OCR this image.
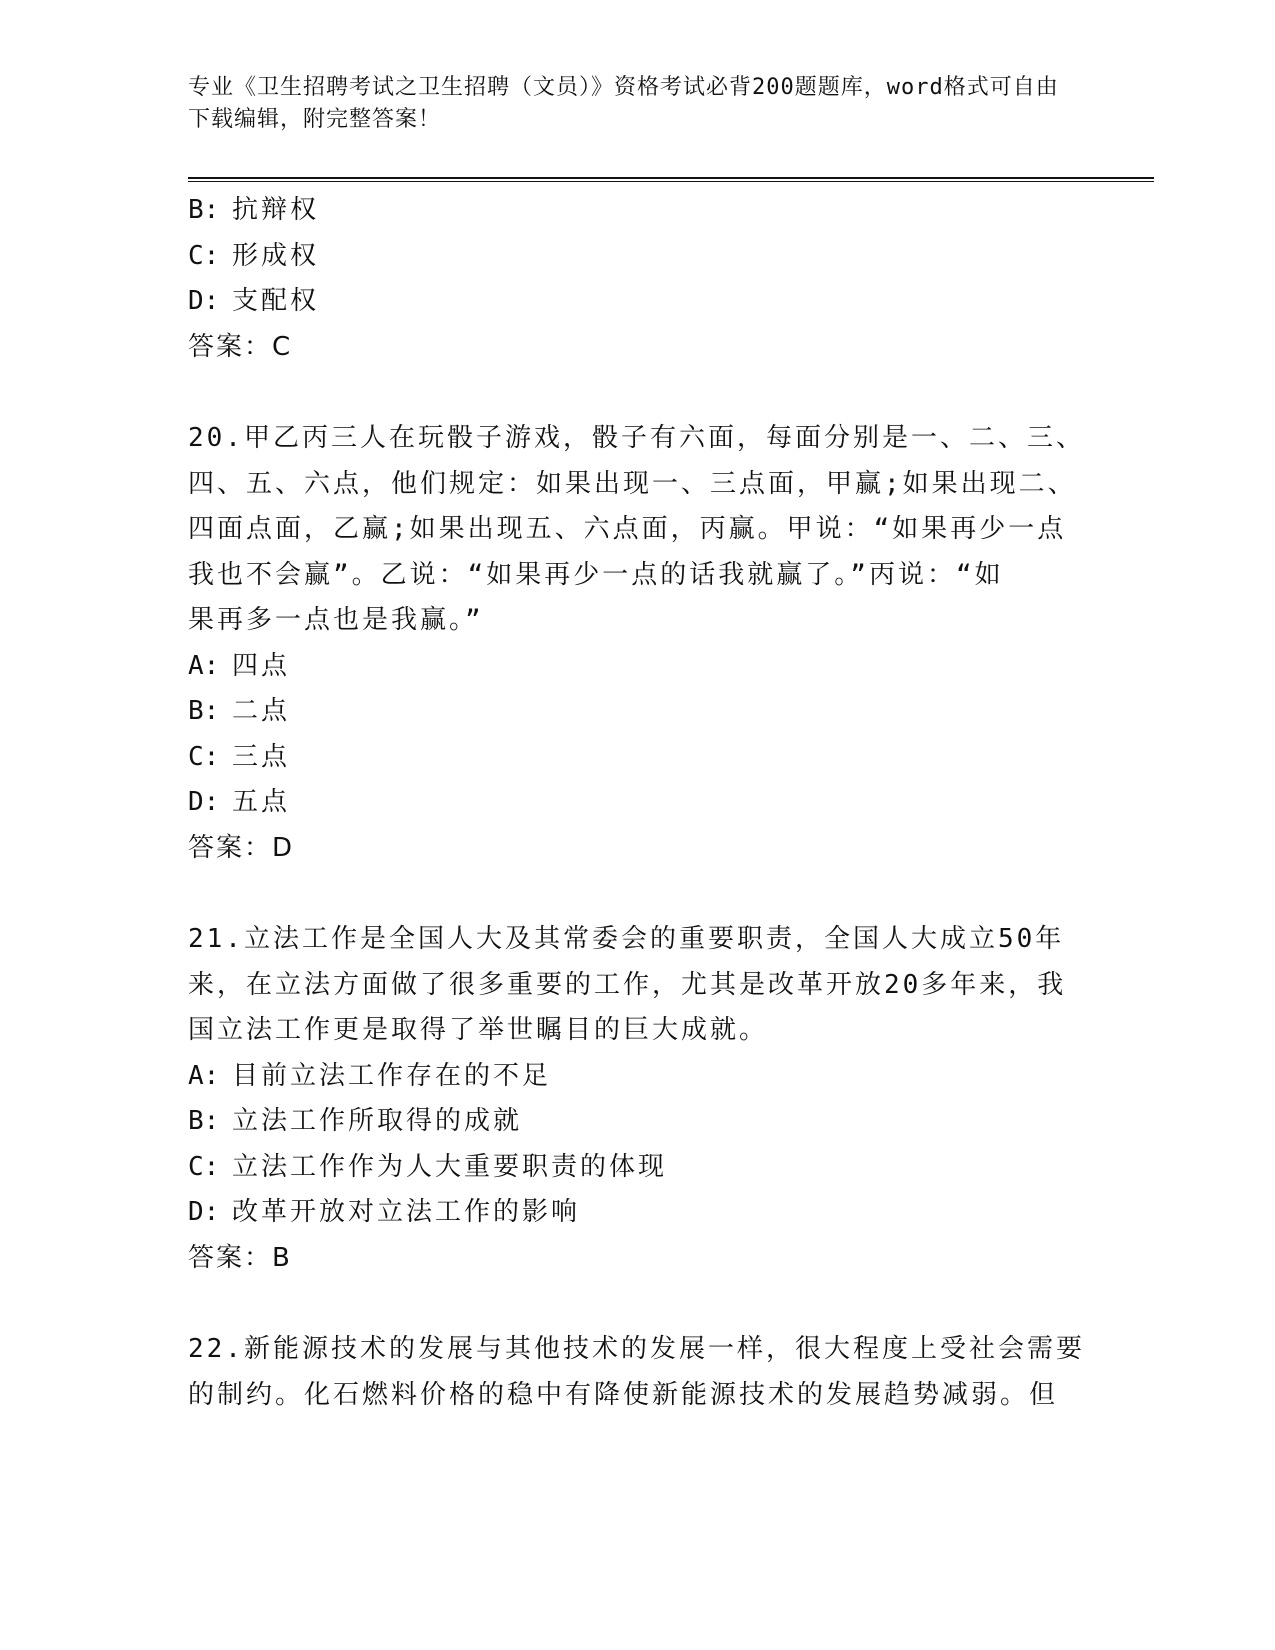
专业《卫生招聘考试之卫生招聘（文员）》资格考试必背200题题库，word格式可自由下载编辑，附完整答案！
B: 抗辩权
C: 形成权
D: 支配权
答案：C
20.甲乙丙三人在玩骰子游戏，骰子有六面，每面分别是一、二、三、
四、五、六点，他们规定：如果出现一、三点面，甲赢;如果出现二、
四面点面，乙赢;如果出现五、六点面，丙赢。甲说：“如果再少一点
我也不会赢”。乙说：“如果再少一点的话我就赢了。”丙说：“如
果再多一点也是我赢。”
A: 四点
B: 二点
C: 三点
D: 五点
答案：D
21.立法工作是全国人大及其常委会的重要职责，全国人大成立50年
来，在立法方面做了很多重要的工作，尤其是改革开放20多年来，我
国立法工作更是取得了举世瞩目的巨大成就。
A: 目前立法工作存在的不足
B: 立法工作所取得的成就
C: 立法工作作为人大重要职责的体现
D: 改革开放对立法工作的影响
答案：B
22.新能源技术的发展与其他技术的发展一样，很大程度上受社会需要
的制约。化石燃料价格的稳中有降使新能源技术的发展趋势减弱。但
